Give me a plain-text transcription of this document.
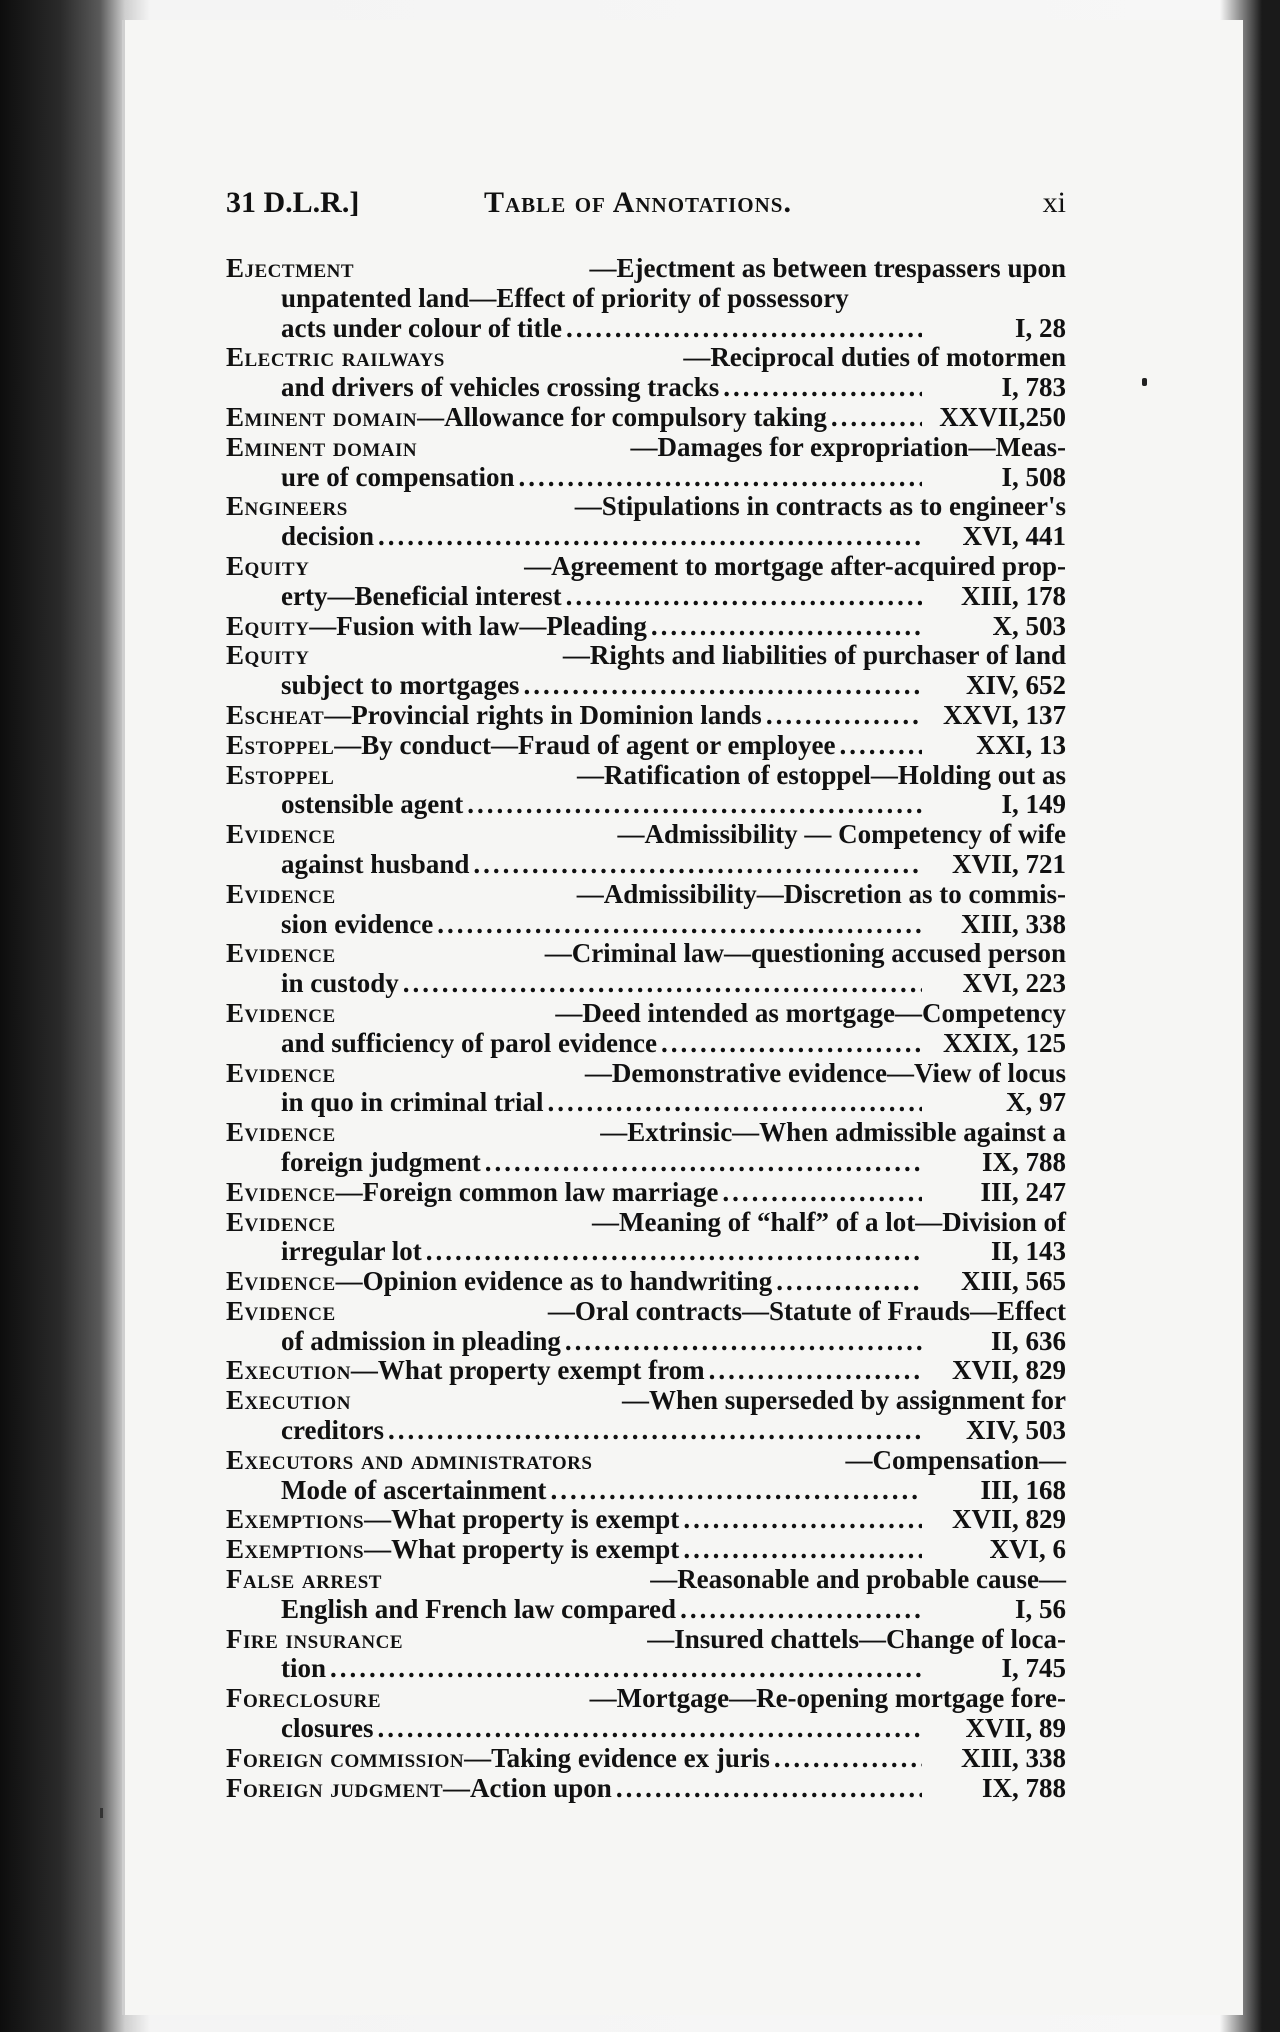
31 D.L.R.]	Table of Annotations.	xi
Ejectment	—Ejectment as between trespassers upon
unpatented land—Effect of priority of possessory
acts under colour of title .....	I, 28
Electric railways	—Reciprocal duties of motormen
and drivers of vehicles crossing tracks .....	I, 783
Eminent domain —Allowance for compulsory taking .....	XXVII,250
Eminent domain	—Damages for expropriation—Meas-
ure of compensation .....	I, 508
Engineers	—Stipulations in contracts as to engineer's
decision .....	XVI, 441
Equity	—Agreement to mortgage after-acquired prop-
erty—Beneficial interest .....	XIII, 178
Equity —Fusion with law—Pleading .....	X, 503
Equity	—Rights and liabilities of purchaser of land
subject to mortgages .....	XIV, 652
Escheat —Provincial rights in Dominion lands .....	XXVI, 137
Estoppel —By conduct—Fraud of agent or employee .....	XXI, 13
Estoppel	—Ratification of estoppel—Holding out as
ostensible agent .....	I, 149
Evidence	—Admissibility — Competency of wife
against husband .....	XVII, 721
Evidence	—Admissibility—Discretion as to commis-
sion evidence .....	XIII, 338
Evidence	—Criminal law—questioning accused person
in custody .....	XVI, 223
Evidence	—Deed intended as mortgage—Competency
and sufficiency of parol evidence .....	XXIX, 125
Evidence	—Demonstrative evidence—View of locus
in quo in criminal trial .....	X, 97
Evidence	—Extrinsic—When admissible against a
foreign judgment .....	IX, 788
Evidence —Foreign common law marriage .....	III, 247
Evidence	—Meaning of “half” of a lot—Division of
irregular lot .....	II, 143
Evidence —Opinion evidence as to handwriting .....	XIII, 565
Evidence	—Oral contracts—Statute of Frauds—Effect
of admission in pleading .....	II, 636
Execution —What property exempt from .....	XVII, 829
Execution	—When superseded by assignment for
creditors .....	XIV, 503
Executors and administrators	—Compensation—
Mode of ascertainment .....	III, 168
Exemptions —What property is exempt .....	XVII, 829
Exemptions —What property is exempt .....	XVI, 6
False arrest	—Reasonable and probable cause—
English and French law compared .....	I, 56
Fire insurance	—Insured chattels—Change of loca-
tion .....	I, 745
Foreclosure	—Mortgage—Re-opening mortgage fore-
closures .....	XVII, 89
Foreign commission —Taking evidence ex juris .....	XIII, 338
Foreign judgment —Action upon .....	IX, 788
